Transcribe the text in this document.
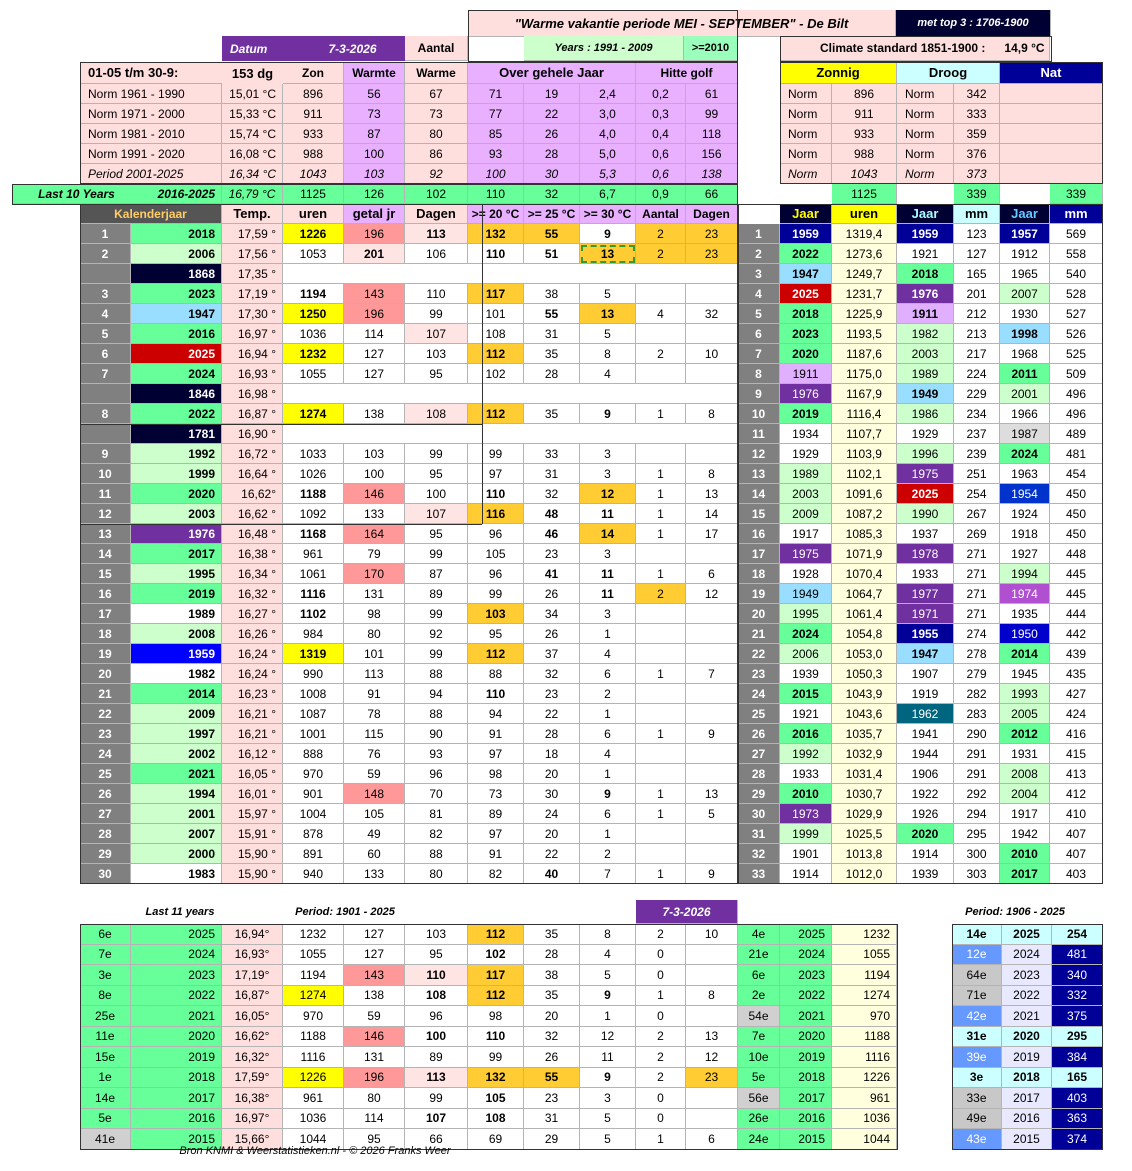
"Warme vakantie periode MEI - SEPTEMBER" - De Bilt	met top 3 : 1706-1900
Datum	7-3-2026	Aantal	Years : 1991 - 2009	>=2010	Climate standard 1851-1900 :	14,9 °C
01-05 t/m 30-9:	153 dg	Zon	Warmte	Warme	Over gehele Jaar	Hitte golf	Zonnig	Droog	Nat
Norm 1961 - 1990	15,01 °C	896	56	67	71	19	2,4	0,2	61	Norm	896	Norm	342
Norm 1971 - 2000	15,33 °C	911	73	73	77	22	3,0	0,3	99	Norm	911	Norm	333
Norm 1981 - 2010	15,74 °C	933	87	80	85	26	4,0	0,4	118	Norm	933	Norm	359
Norm 1991 - 2020	16,08 °C	988	100	86	93	28	5,0	0,6	156	Norm	988	Norm	376
Period 2001-2025	16,34 °C	1043	103	92	100	30	5,3	0,6	138	Norm	1043	Norm	373
Last 10 Years	2016-2025	16,79 °C	1125	126	102	110	32	6,7	0,9	66	1125	339	339
Kalenderjaar	Temp.	uren	getal jr	Dagen	>= 20 °C >= 25 °C >= 30 °C Aantal	Dagen	Jaar	uren	Jaar	mm	Jaar	mm
1	2018	17,59 °	1226	196	113	132	55	9	2	23
2	2006	17,56 °	1053	201	106	110	51	13	2	23
1868	17,35 °
3	2023	17,19 °	1194	143	110	117	38	5
4	1947	17,30 °	1250	196	99	101	55	13	4	32
5	2016	16,97 °	1036	114	107	108	31	5
6	2025	16,94 °	1232	127	103	112	35	8	2	10
7	2024	16,93 °	1055	127	95	102	28	4
1846	16,98 °
8	2022	16,87 °	1274	138	108	112	35	9	1	8
1781	16,90 °
9	1992	16,72 °	1033	103	99	99	33	3
10	1999	16,64 °	1026	100	95	97	31	3	1	8
11	2020	16,62°	1188	146	100	110	32	12	1	13
12	2003	16,62 °	1092	133	107	116	48	11	1	14
13	1976	16,48 °	1168	164	95	96	46	14	1	17
14	2017	16,38 °	961	79	99	105	23	3
15	1995	16,34 °	1061	170	87	96	41	11	1	6
16	2019	16,32 °	1116	131	89	99	26	11	2	12
17	1989	16,27 °	1102	98	99	103	34	3
18	2008	16,26 °	984	80	92	95	26	1
19	1959	16,24 °	1319	101	99	112	37	4
20	1982	16,24 °	990	113	88	88	32	6	1	7
21	2014	16,23 °	1008	91	94	110	23	2
22	2009	16,21 °	1087	78	88	94	22	1
23	1997	16,21 °	1001	115	90	91	28	6	1	9
24	2002	16,12 °	888	76	93	97	18	4
25	2021	16,05 °	970	59	96	98	20	1
26	1994	16,01 °	901	148	70	73	30	9	1	13
27	2001	15,97 °	1004	105	81	89	24	6	1	5
28	2007	15,91 °	878	49	82	97	20	1
29	2000	15,90 °	891	60	88	91	22	2
30	1983	15,90 °	940	133	80	82	40	7	1	9
1	1959	1319,4	1959	123	1957	569
2	2022	1273,6	1921	127	1912	558
3	1947	1249,7	2018	165	1965	540
4	2025	1231,7	1976	201	2007	528
5	2018	1225,9	1911	212	1930	527
6	2023	1193,5	1982	213	1998	526
7	2020	1187,6	2003	217	1968	525
8	1911	1175,0	1989	224	2011	509
9	1976	1167,9	1949	229	2001	496
10	2019	1116,4	1986	234	1966	496
11	1934	1107,7	1929	237	1987	489
12	1929	1103,9	1996	239	2024	481
13	1989	1102,1	1975	251	1963	454
14	2003	1091,6	2025	254	1954	450
15	2009	1087,2	1990	267	1924	450
16	1917	1085,3	1937	269	1918	450
17	1975	1071,9	1978	271	1927	448
18	1928	1070,4	1933	271	1994	445
19	1949	1064,7	1977	271	1974	445
20	1995	1061,4	1971	271	1935	444
21	2024	1054,8	1955	274	1950	442
22	2006	1053,0	1947	278	2014	439
23	1939	1050,3	1907	279	1945	435
24	2015	1043,9	1919	282	1993	427
25	1921	1043,6	1962	283	2005	424
26	2016	1035,7	1941	290	2012	416
27	1992	1032,9	1944	291	1931	415
28	1933	1031,4	1906	291	2008	413
29	2010	1030,7	1922	292	2004	412
30	1973	1029,9	1926	294	1917	410
31	1999	1025,5	2020	295	1942	407
32	1901	1013,8	1914	300	2010	407
33	1914	1012,0	1939	303	2017	403
Last 11 years	Period: 1901 - 2025	7-3-2026	Period: 1906 - 2025
6e	2025	16,94°	1232	127	103	112	35	8	2	10	4e	2025	1232	14e	2025	254
7e	2024	16,93°	1055	127	95	102	28	4	0	21e	2024	1055	12e	2024	481
3e	2023	17,19°	1194	143	110	117	38	5	0	6e	2023	1194	64e	2023	340
8e	2022	16,87°	1274	138	108	112	35	9	1	8	2e	2022	1274	71e	2022	332
25e	2021	16,05°	970	59	96	98	20	1	0	54e	2021	970	42e	2021	375
11e	2020	16,62°	1188	146	100	110	32	12	2	13	7e	2020	1188	31e	2020	295
15e	2019	16,32°	1116	131	89	99	26	11	2	12	10e	2019	1116	39e	2019	384
1e	2018	17,59°	1226	196	113	132	55	9	2	23	5e	2018	1226	3e	2018	165
14e	2017	16,38°	961	80	99	105	23	3	0	56e	2017	961	33e	2017	403
5e	2016	16,97°	1036	114	107	108	31	5	0	26e	2016	1036	49e	2016	363
41e	2015	15,66°	1044	95	66	69	29	5	1	6	24e	2015	1044	43e	2015	374
Bron KNMI & Weerstatistieken.nl - © 2026 Franks Weer
